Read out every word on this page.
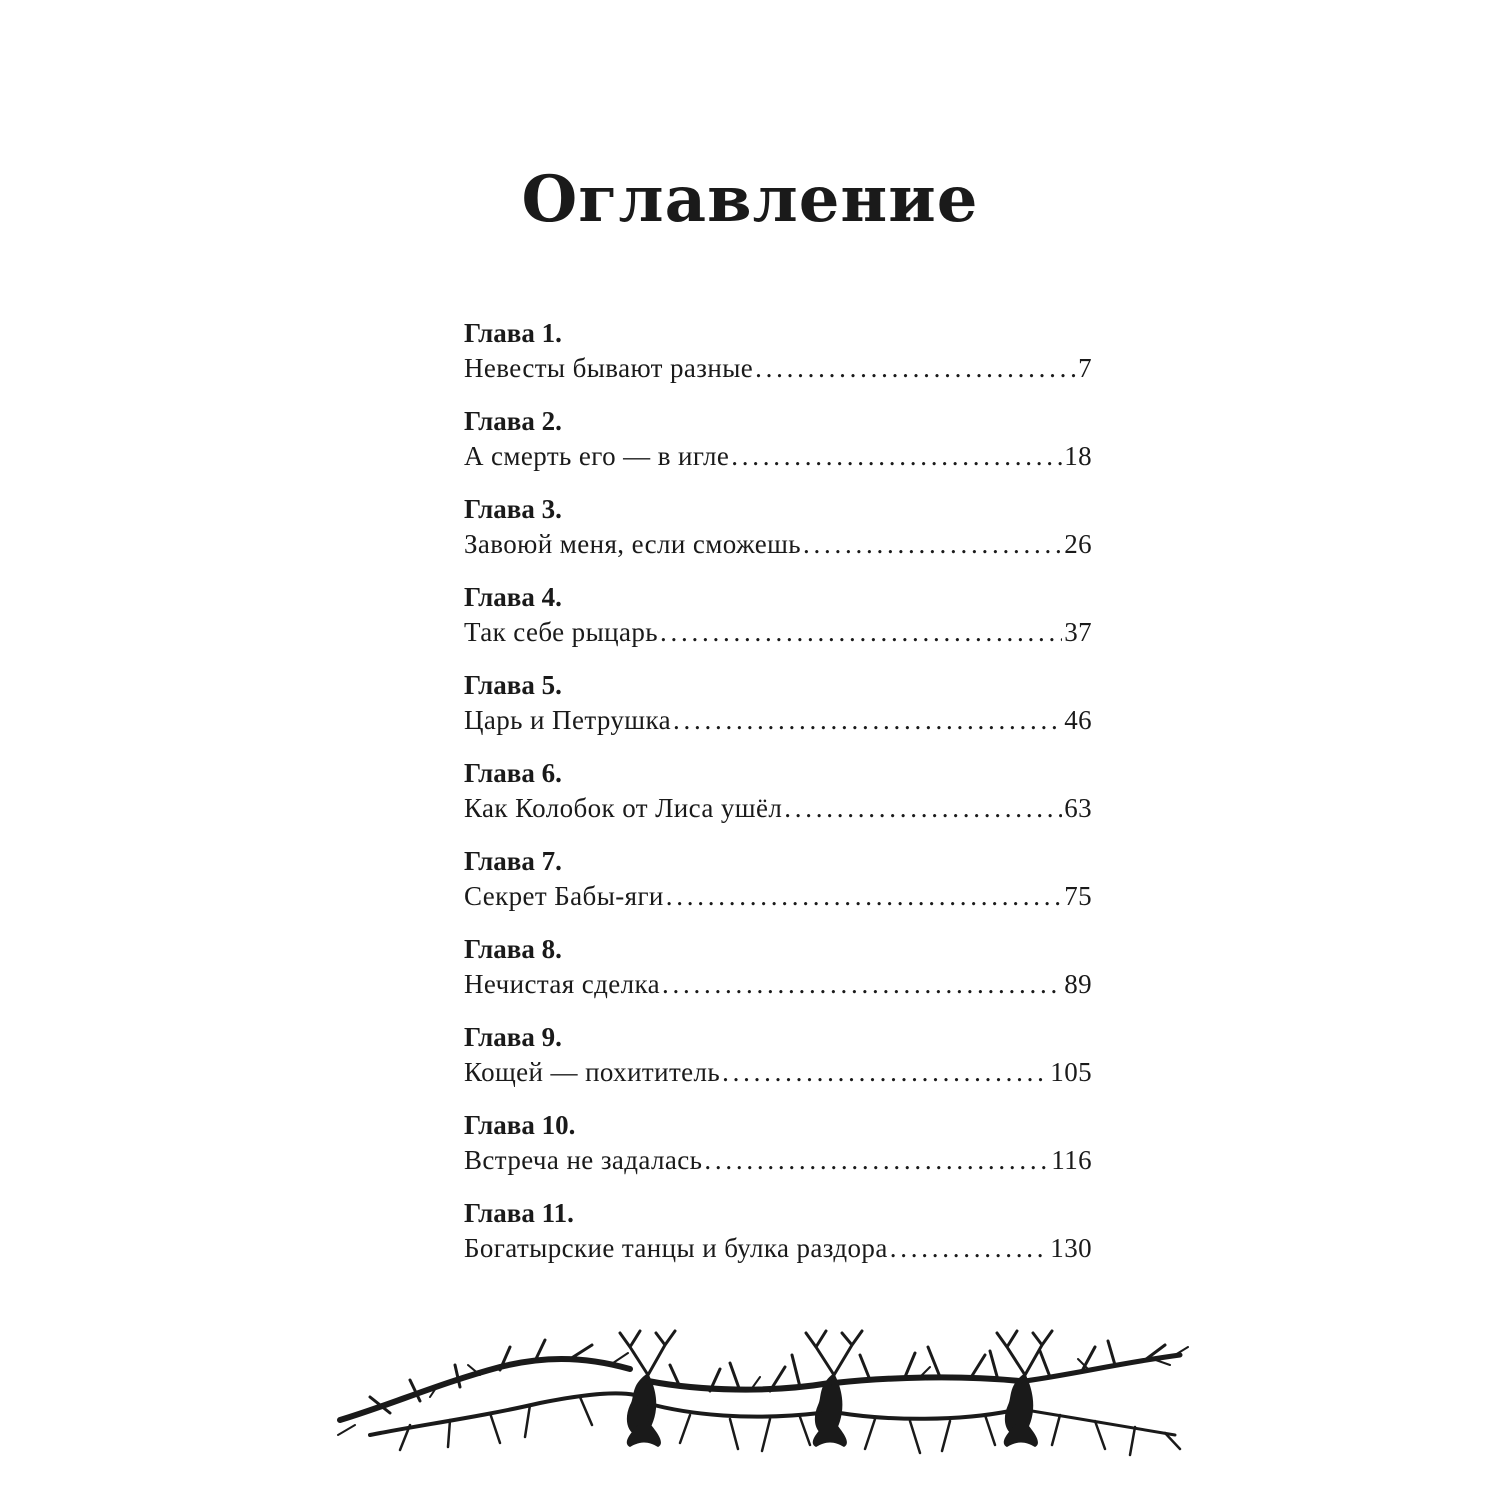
Оглавление
Глава 1.
Невесты бывают разные . . .	7
Глава 2.
А смерть его — в игле . . .	18
Глава 3.
Завоюй меня, если сможешь . . .	26
Глава 4.
Так себе рыцарь . . .	37
Глава 5.
Царь и Петрушка . . .	46
Глава 6.
Как Колобок от Лиса ушёл . . .	63
Глава 7.
Секрет Бабы-яги . . .	75
Глава 8.
Нечистая сделка . . .	89
Глава 9.
Кощей — похититель . . .	105
Глава 10.
Встреча не задалась . . .	116
Глава 11.
Богатырские танцы и булка раздора . . .	130
